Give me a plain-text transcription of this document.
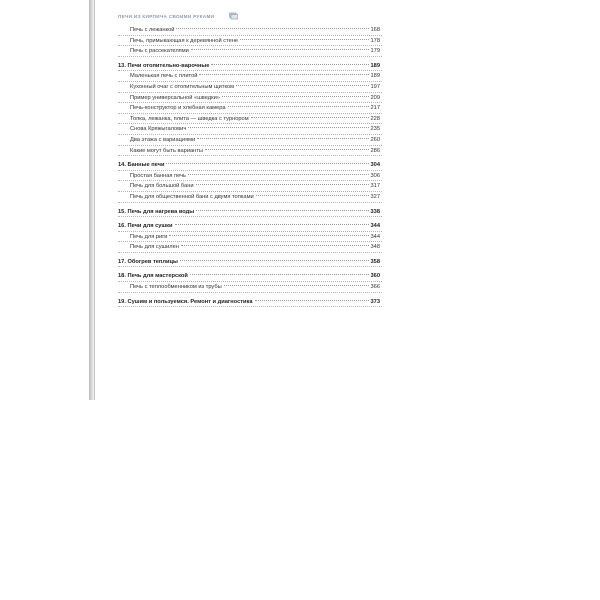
ПЕЧИ ИЗ КИРПИЧА СВОИМИ РУКАМИ
Печь с лежанкой	168
Печь, примыкающая к деревянной стене	178
Печь с рассекателями	179
13. Печи отопительно-варочные	189
Маленькая печь с плитой	189
Кухонный очаг с отопительным щитком	197
Пример универсальной «шведки»	209
Печь-конструктор и хлебная камера	217
Топка, лежанка, плита — шведка с турнором	228
Снова Кряжыгалович	235
Два этажа с вариациями	260
Какие могут быть варианты	286
14. Банные печи	304
Простая банная печь	306
Печь для большой бани	317
Печь для общественной бани с двумя топками	327
15. Печь для нагрева воды	338
16. Печи для сушки	344
Печь для риги	344
Печь для сушилен	348
17. Обогрев теплицы	358
18. Печь для мастерской	360
Печь с теплообменником из трубы	366
19. Сушим и пользуемся. Ремонт и диагностика	373
